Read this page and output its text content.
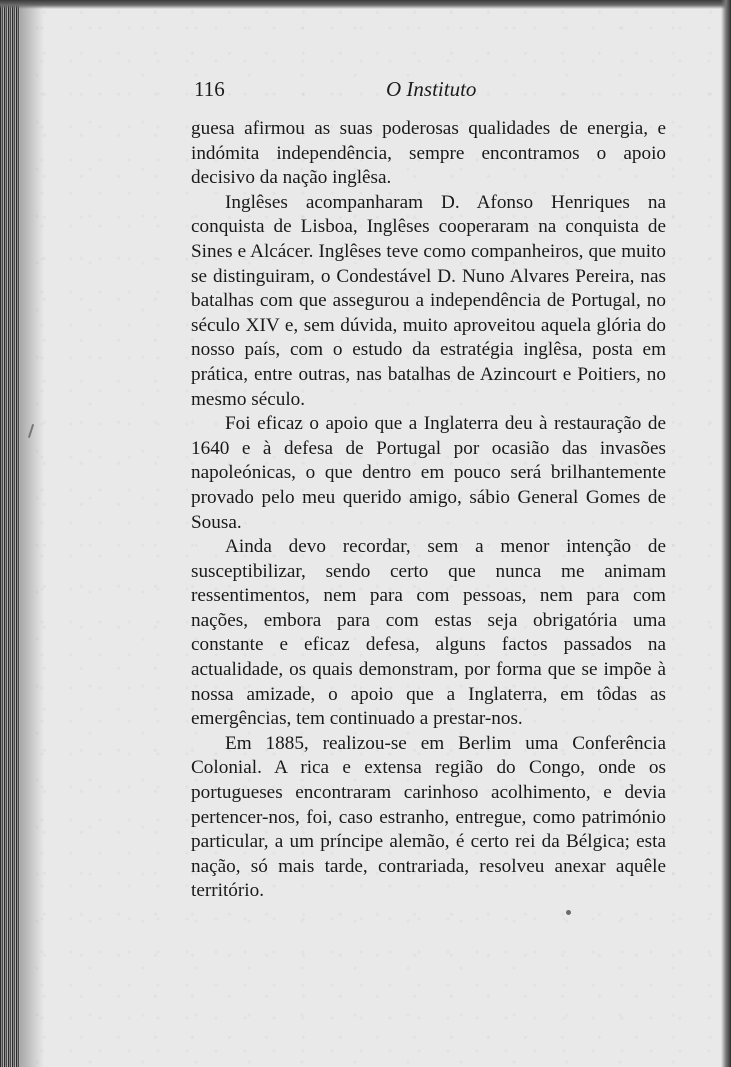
116	O Instituto

guesa afirmou as suas poderosas qualidades de energia, e indómita independência, sempre encontramos o apoio decisivo da nação inglêsa.

Inglêses acompanharam D. Afonso Henriques na conquista de Lisboa, Inglêses cooperaram na conquista de Sines e Alcácer. Inglêses teve como companheiros, que muito se distinguiram, o Condestável D. Nuno Alvares Pereira, nas batalhas com que assegurou a independência de Portugal, no século XIV e, sem dúvida, muito aproveitou aquela glória do nosso país, com o estudo da estratégia inglêsa, posta em prática, entre outras, nas batalhas de Azincourt e Poitiers, no mesmo século.

Foi eficaz o apoio que a Inglaterra deu à restauração de 1640 e à defesa de Portugal por ocasião das invasões napoleónicas, o que dentro em pouco será brilhantemente provado pelo meu querido amigo, sábio General Gomes de Sousa.

Ainda devo recordar, sem a menor intenção de susceptibilizar, sendo certo que nunca me animam ressentimentos, nem para com pessoas, nem para com nações, embora para com estas seja obrigatória uma constante e eficaz defesa, alguns factos passados na actualidade, os quais demonstram, por forma que se impõe à nossa amizade, o apoio que a Inglaterra, em tôdas as emergências, tem continuado a prestar-nos.

Em 1885, realizou-se em Berlim uma Conferência Colonial. A rica e extensa região do Congo, onde os portugueses encontraram carinhoso acolhimento, e devia pertencer-nos, foi, caso estranho, entregue, como património particular, a um príncipe alemão, é certo rei da Bélgica; esta nação, só mais tarde, contrariada, resolveu anexar aquêle território.
